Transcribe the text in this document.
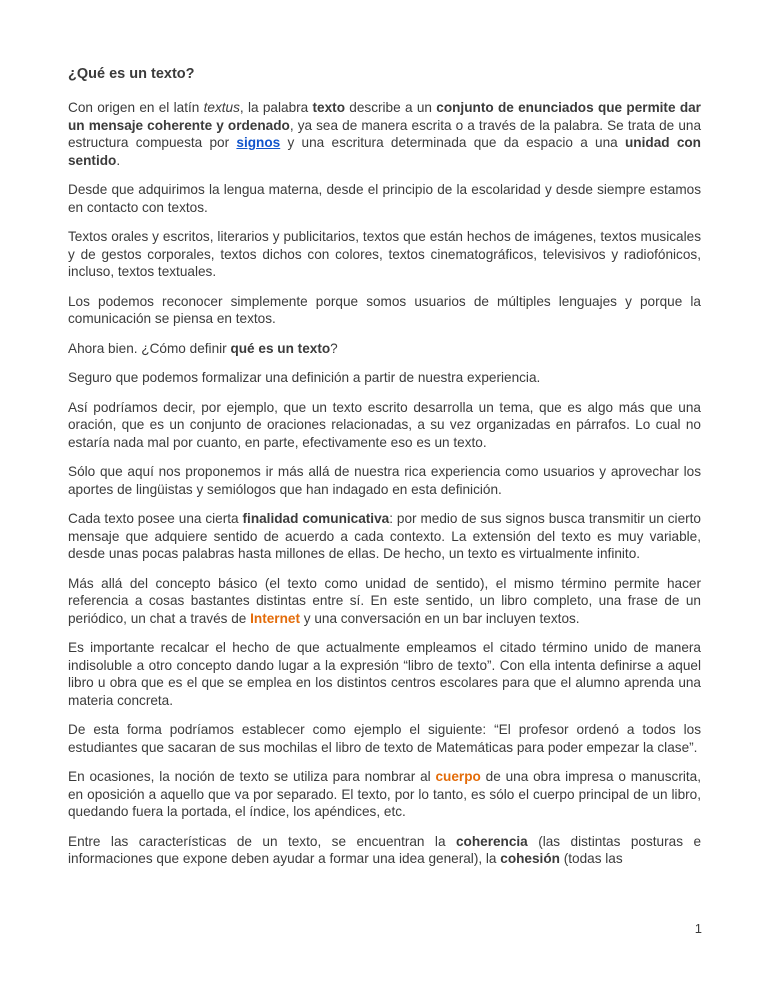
¿Qué es un texto?

Con origen en el latín textus, la palabra texto describe a un conjunto de enunciados que permite dar un mensaje coherente y ordenado, ya sea de manera escrita o a través de la palabra. Se trata de una estructura compuesta por signos y una escritura determinada que da espacio a una unidad con sentido.

Desde que adquirimos la lengua materna, desde el principio de la escolaridad y desde siempre estamos en contacto con textos.

Textos orales y escritos, literarios y publicitarios, textos que están hechos de imágenes, textos musicales y de gestos corporales, textos dichos con colores, textos cinematográficos, televisivos y radiofónicos, incluso, textos textuales.

Los podemos reconocer simplemente porque somos usuarios de múltiples lenguajes y porque la comunicación se piensa en textos.

Ahora bien. ¿Cómo definir qué es un texto?

Seguro que podemos formalizar una definición a partir de nuestra experiencia.

Así podríamos decir, por ejemplo, que un texto escrito desarrolla un tema, que es algo más que una oración, que es un conjunto de oraciones relacionadas, a su vez organizadas en párrafos. Lo cual no estaría nada mal por cuanto, en parte, efectivamente eso es un texto.

Sólo que aquí nos proponemos ir más allá de nuestra rica experiencia como usuarios y aprovechar los aportes de lingüistas y semiólogos que han indagado en esta definición.

Cada texto posee una cierta finalidad comunicativa: por medio de sus signos busca transmitir un cierto mensaje que adquiere sentido de acuerdo a cada contexto. La extensión del texto es muy variable, desde unas pocas palabras hasta millones de ellas. De hecho, un texto es virtualmente infinito.

Más allá del concepto básico (el texto como unidad de sentido), el mismo término permite hacer referencia a cosas bastantes distintas entre sí. En este sentido, un libro completo, una frase de un periódico, un chat a través de Internet y una conversación en un bar incluyen textos.

Es importante recalcar el hecho de que actualmente empleamos el citado término unido de manera indisoluble a otro concepto dando lugar a la expresión “libro de texto”. Con ella intenta definirse a aquel libro u obra que es el que se emplea en los distintos centros escolares para que el alumno aprenda una materia concreta.

De esta forma podríamos establecer como ejemplo el siguiente: “El profesor ordenó a todos los estudiantes que sacaran de sus mochilas el libro de texto de Matemáticas para poder empezar la clase”.

En ocasiones, la noción de texto se utiliza para nombrar al cuerpo de una obra impresa o manuscrita, en oposición a aquello que va por separado. El texto, por lo tanto, es sólo el cuerpo principal de un libro, quedando fuera la portada, el índice, los apéndices, etc.

Entre las características de un texto, se encuentran la coherencia (las distintas posturas e informaciones que expone deben ayudar a formar una idea general), la cohesión (todas las

1
